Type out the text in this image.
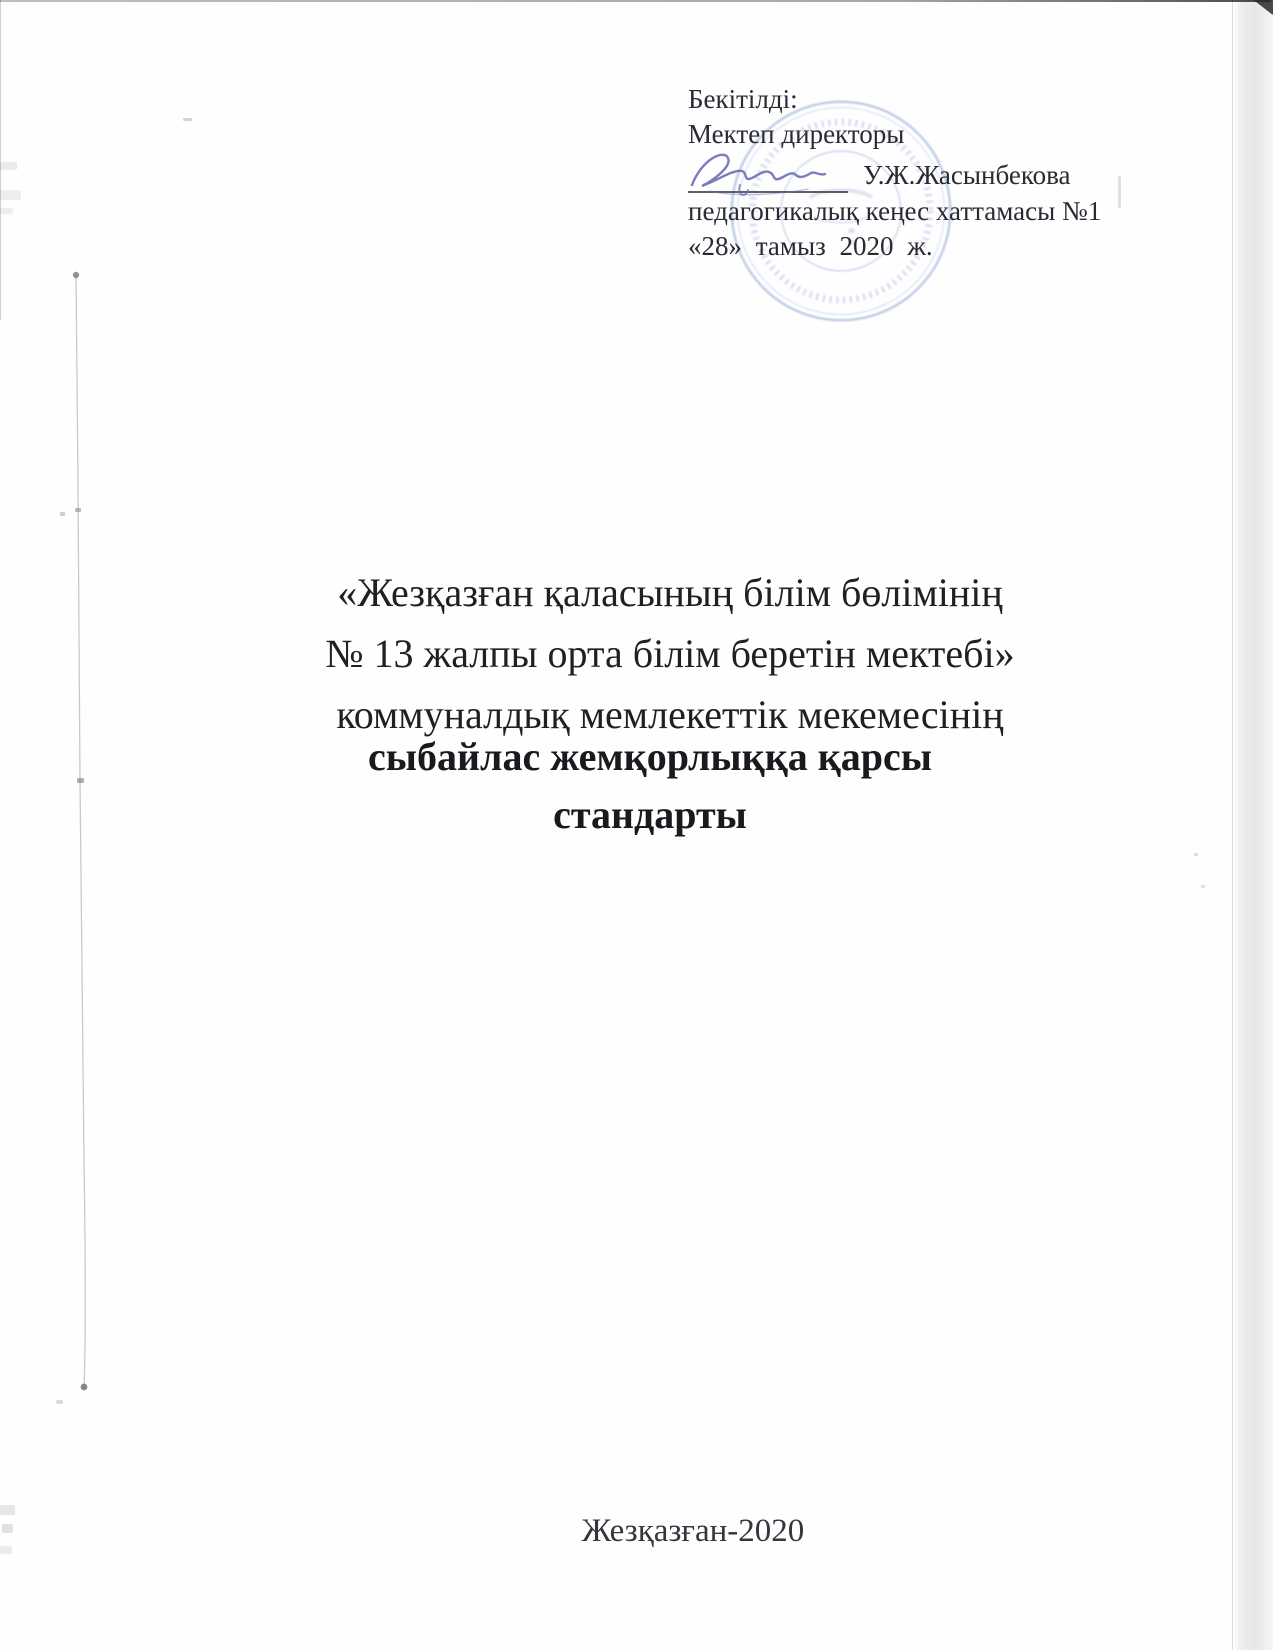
Бекітілді:
Мектеп директоры
У.Ж.Жасынбекова
педагогикалық кеңес хаттамасы №1
«28» тамыз 2020 ж.
«Жезқазған қаласының білім бөлімінің
№ 13 жалпы орта білім беретін мектебі»
коммуналдық мемлекеттік мекемесінің
сыбайлас жемқорлыққа қарсы стандарты
Жезқазған-2020
